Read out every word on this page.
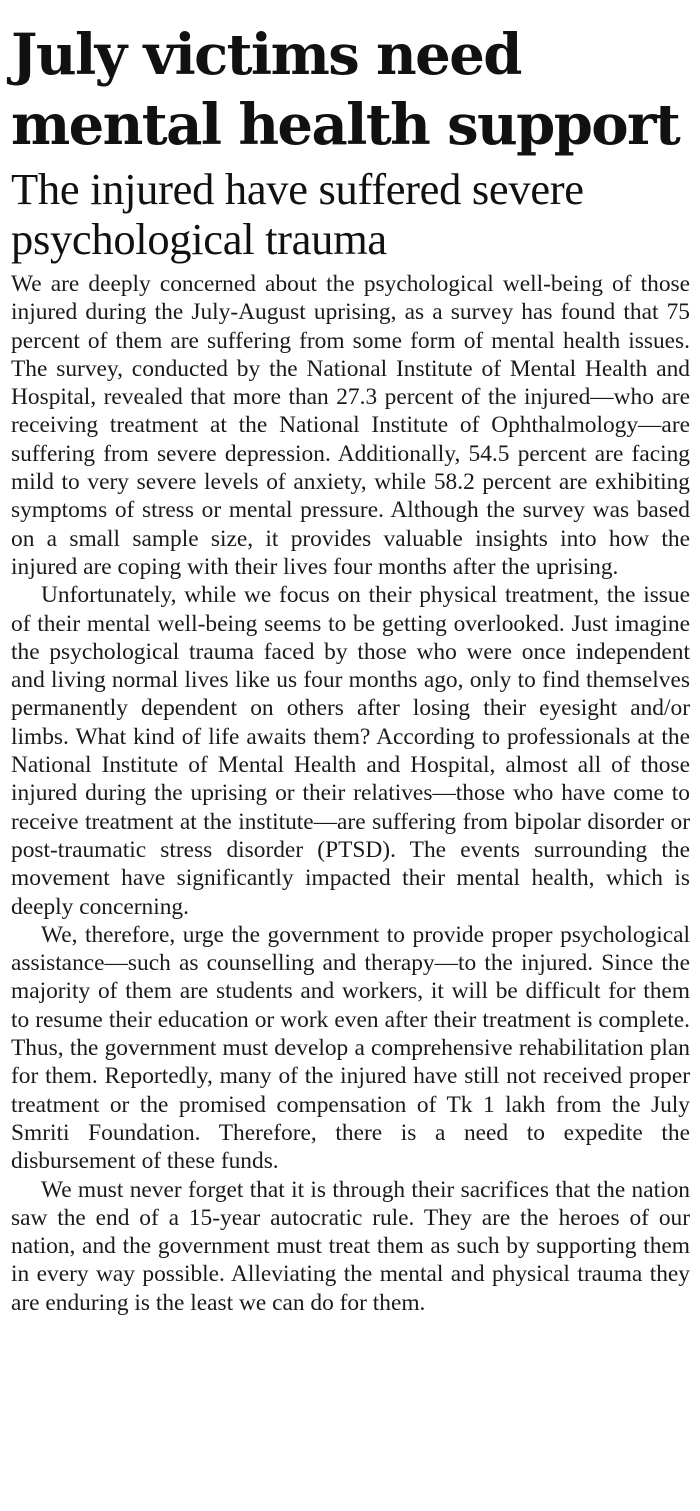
July victims need mental health support
The injured have suffered severe psychological trauma

We are deeply concerned about the psychological well-being of those injured during the July-August uprising, as a survey has found that 75 percent of them are suffering from some form of mental health issues. The survey, conducted by the National Institute of Mental Health and Hospital, revealed that more than 27.3 percent of the injured—who are receiving treatment at the National Institute of Ophthalmology—are suffering from severe depression. Additionally, 54.5 percent are facing mild to very severe levels of anxiety, while 58.2 percent are exhibiting symptoms of stress or mental pressure. Although the survey was based on a small sample size, it provides valuable insights into how the injured are coping with their lives four months after the uprising.

Unfortunately, while we focus on their physical treatment, the issue of their mental well-being seems to be getting overlooked. Just imagine the psychological trauma faced by those who were once independent and living normal lives like us four months ago, only to find themselves permanently dependent on others after losing their eyesight and/or limbs. What kind of life awaits them? According to professionals at the National Institute of Mental Health and Hospital, almost all of those injured during the uprising or their relatives—those who have come to receive treatment at the institute—are suffering from bipolar disorder or post-traumatic stress disorder (PTSD). The events surrounding the movement have significantly impacted their mental health, which is deeply concerning.

We, therefore, urge the government to provide proper psychological assistance—such as counselling and therapy—to the injured. Since the majority of them are students and workers, it will be difficult for them to resume their education or work even after their treatment is complete. Thus, the government must develop a comprehensive rehabilitation plan for them. Reportedly, many of the injured have still not received proper treatment or the promised compensation of Tk 1 lakh from the July Smriti Foundation. Therefore, there is a need to expedite the disbursement of these funds.

We must never forget that it is through their sacrifices that the nation saw the end of a 15-year autocratic rule. They are the heroes of our nation, and the government must treat them as such by supporting them in every way possible. Alleviating the mental and physical trauma they are enduring is the least we can do for them.
